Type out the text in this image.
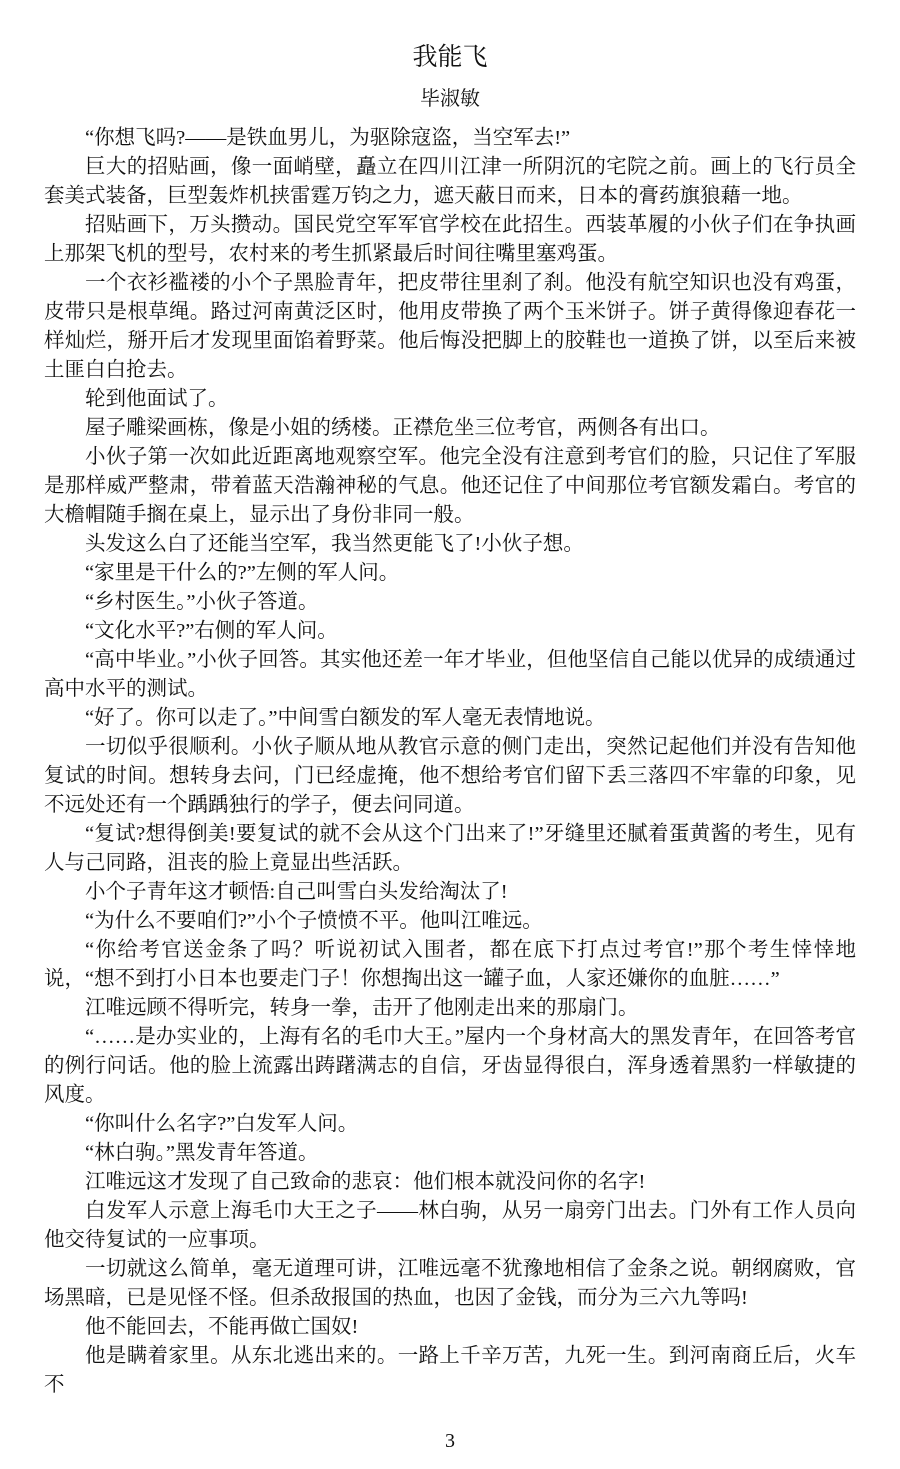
我能飞
毕淑敏

“你想飞吗?——是铁血男儿，为驱除寇盗，当空军去!”

巨大的招贴画，像一面峭壁，矗立在四川江津一所阴沉的宅院之前。画上的飞行员全套美式装备，巨型轰炸机挟雷霆万钧之力，遮天蔽日而来，日本的膏药旗狼藉一地。

招贴画下，万头攒动。国民党空军军官学校在此招生。西装革履的小伙子们在争执画上那架飞机的型号，农村来的考生抓紧最后时间往嘴里塞鸡蛋。

一个衣衫褴褛的小个子黑脸青年，把皮带往里刹了刹。他没有航空知识也没有鸡蛋，皮带只是根草绳。路过河南黄泛区时，他用皮带换了两个玉米饼子。饼子黄得像迎春花一样灿烂，掰开后才发现里面馅着野菜。他后悔没把脚上的胶鞋也一道换了饼，以至后来被土匪白白抢去。

轮到他面试了。

屋子雕梁画栋，像是小姐的绣楼。正襟危坐三位考官，两侧各有出口。

小伙子第一次如此近距离地观察空军。他完全没有注意到考官们的脸，只记住了军服是那样威严整肃，带着蓝天浩瀚神秘的气息。他还记住了中间那位考官额发霜白。考官的大檐帽随手搁在桌上，显示出了身份非同一般。

头发这么白了还能当空军，我当然更能飞了!小伙子想。

“家里是干什么的?”左侧的军人问。

“乡村医生。”小伙子答道。

“文化水平?”右侧的军人问。

“高中毕业。”小伙子回答。其实他还差一年才毕业，但他坚信自己能以优异的成绩通过高中水平的测试。

“好了。你可以走了。”中间雪白额发的军人毫无表情地说。

一切似乎很顺利。小伙子顺从地从教官示意的侧门走出，突然记起他们并没有告知他复试的时间。想转身去问，门已经虚掩，他不想给考官们留下丢三落四不牢靠的印象，见不远处还有一个踽踽独行的学子，便去问同道。

“复试?想得倒美!要复试的就不会从这个门出来了!”牙缝里还腻着蛋黄酱的考生，见有人与己同路，沮丧的脸上竟显出些活跃。

小个子青年这才顿悟:自己叫雪白头发给淘汰了!

“为什么不要咱们?”小个子愤愤不平。他叫江唯远。

“你给考官送金条了吗？听说初试入围者，都在底下打点过考官!”那个考生悻悻地说，“想不到打小日本也要走门子！你想掏出这一罐子血，人家还嫌你的血脏……”

江唯远顾不得听完，转身一拳，击开了他刚走出来的那扇门。

“……是办实业的，上海有名的毛巾大王。”屋内一个身材高大的黑发青年，在回答考官的例行问话。他的脸上流露出踌躇满志的自信，牙齿显得很白，浑身透着黑豹一样敏捷的风度。

“你叫什么名字?”白发军人问。

“林白驹。”黑发青年答道。

江唯远这才发现了自己致命的悲哀：他们根本就没问你的名字!

白发军人示意上海毛巾大王之子——林白驹，从另一扇旁门出去。门外有工作人员向他交待复试的一应事项。

一切就这么简单，毫无道理可讲，江唯远毫不犹豫地相信了金条之说。朝纲腐败，官场黑暗，已是见怪不怪。但杀敌报国的热血，也因了金钱，而分为三六九等吗!

他不能回去，不能再做亡国奴!

他是瞒着家里。从东北逃出来的。一路上千辛万苦，九死一生。到河南商丘后，火车不

3
